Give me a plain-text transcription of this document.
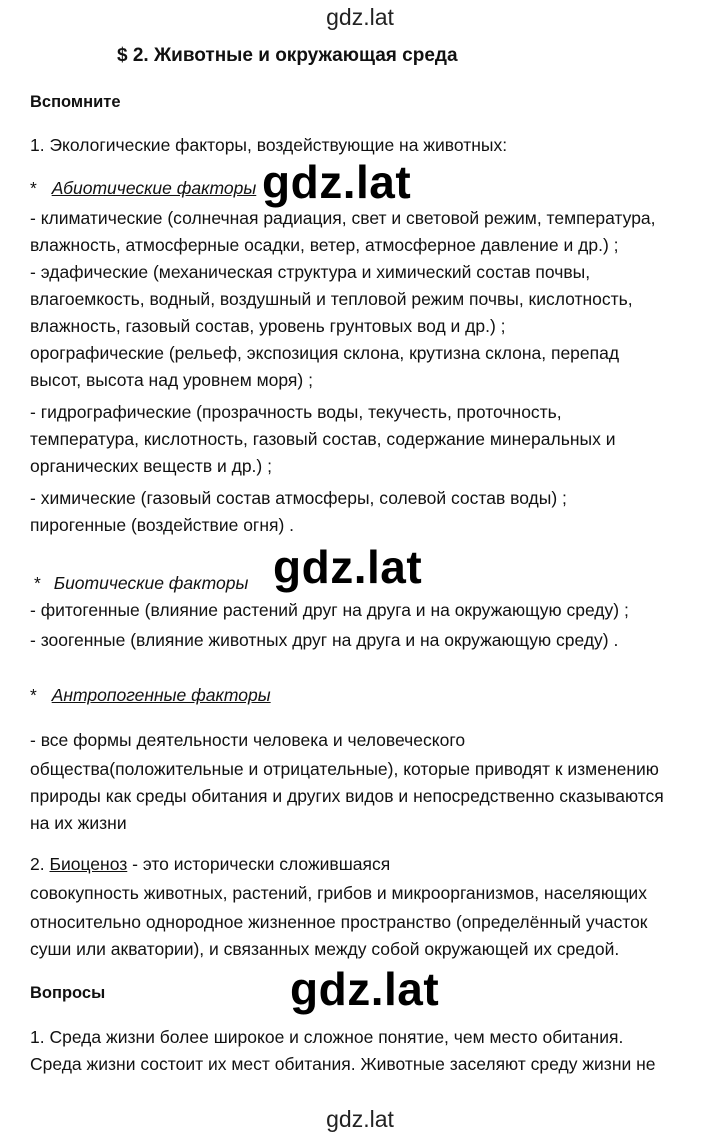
gdz.lat
$ 2. Животные и окружающая среда
Вспомните
1. Экологические факторы, воздействующие на животных:
* Абиотические факторы
- климатические (солнечная радиация, свет и световой режим, температура,
влажность, атмосферные осадки, ветер, атмосферное давление и др.) ;
- эдафические (механическая структура и химический состав почвы,
влагоемкость, водный, воздушный и тепловой режим почвы, кислотность,
влажность, газовый состав, уровень грунтовых вод и др.) ;
орографические (рельеф, экспозиция склона, крутизна склона, перепад
высот, высота над уровнем моря) ;
- гидрографические (прозрачность воды, текучесть, проточность,
температура, кислотность, газовый состав, содержание минеральных и
органических веществ и др.) ;
- химические (газовый состав атмосферы, солевой состав воды) ;
пирогенные (воздействие огня) .
* Биотические факторы
- фитогенные (влияние растений друг на друга и на окружающую среду) ;
- зоогенные (влияние животных друг на друга и на окружающую среду) .
* Антропогенные факторы
- все формы деятельности человека и человеческого
общества(положительные и отрицательные), которые приводят к изменению
природы как среды обитания и других видов и непосредственно сказываются
на их жизни
2. Биоценоз - это исторически сложившаяся
совокупность животных, растений, грибов и микроорганизмов, населяющих
относительно однородное жизненное пространство (определённый участок
суши или акватории), и связанных между собой окружающей их средой.
Вопросы
1. Среда жизни более широкое и сложное понятие, чем место обитания.
Среда жизни состоит их мест обитания. Животные заселяют среду жизни не
gdz.lat
gdz.lat
gdz.lat
gdz.lat
